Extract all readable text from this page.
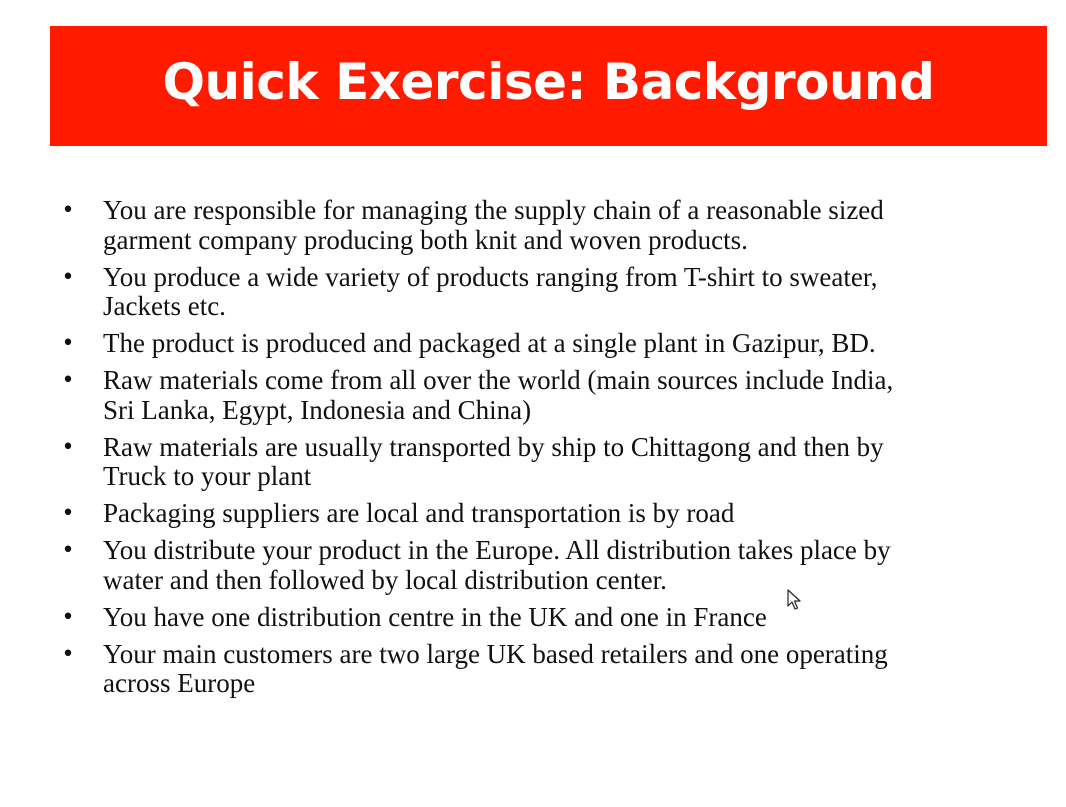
Quick Exercise: Background
• You are responsible for managing the supply chain of a reasonable sized
garment company producing both knit and woven products.
• You produce a wide variety of products ranging from T-shirt to sweater,
Jackets etc.
• The product is produced and packaged at a single plant in Gazipur, BD.
• Raw materials come from all over the world (main sources include India,
Sri Lanka, Egypt, Indonesia and China)
• Raw materials are usually transported by ship to Chittagong and then by
Truck to your plant
• Packaging suppliers are local and transportation is by road
• You distribute your product in the Europe. All distribution takes place by
water and then followed by local distribution center.
• You have one distribution centre in the UK and one in France
• Your main customers are two large UK based retailers and one operating
across Europe
